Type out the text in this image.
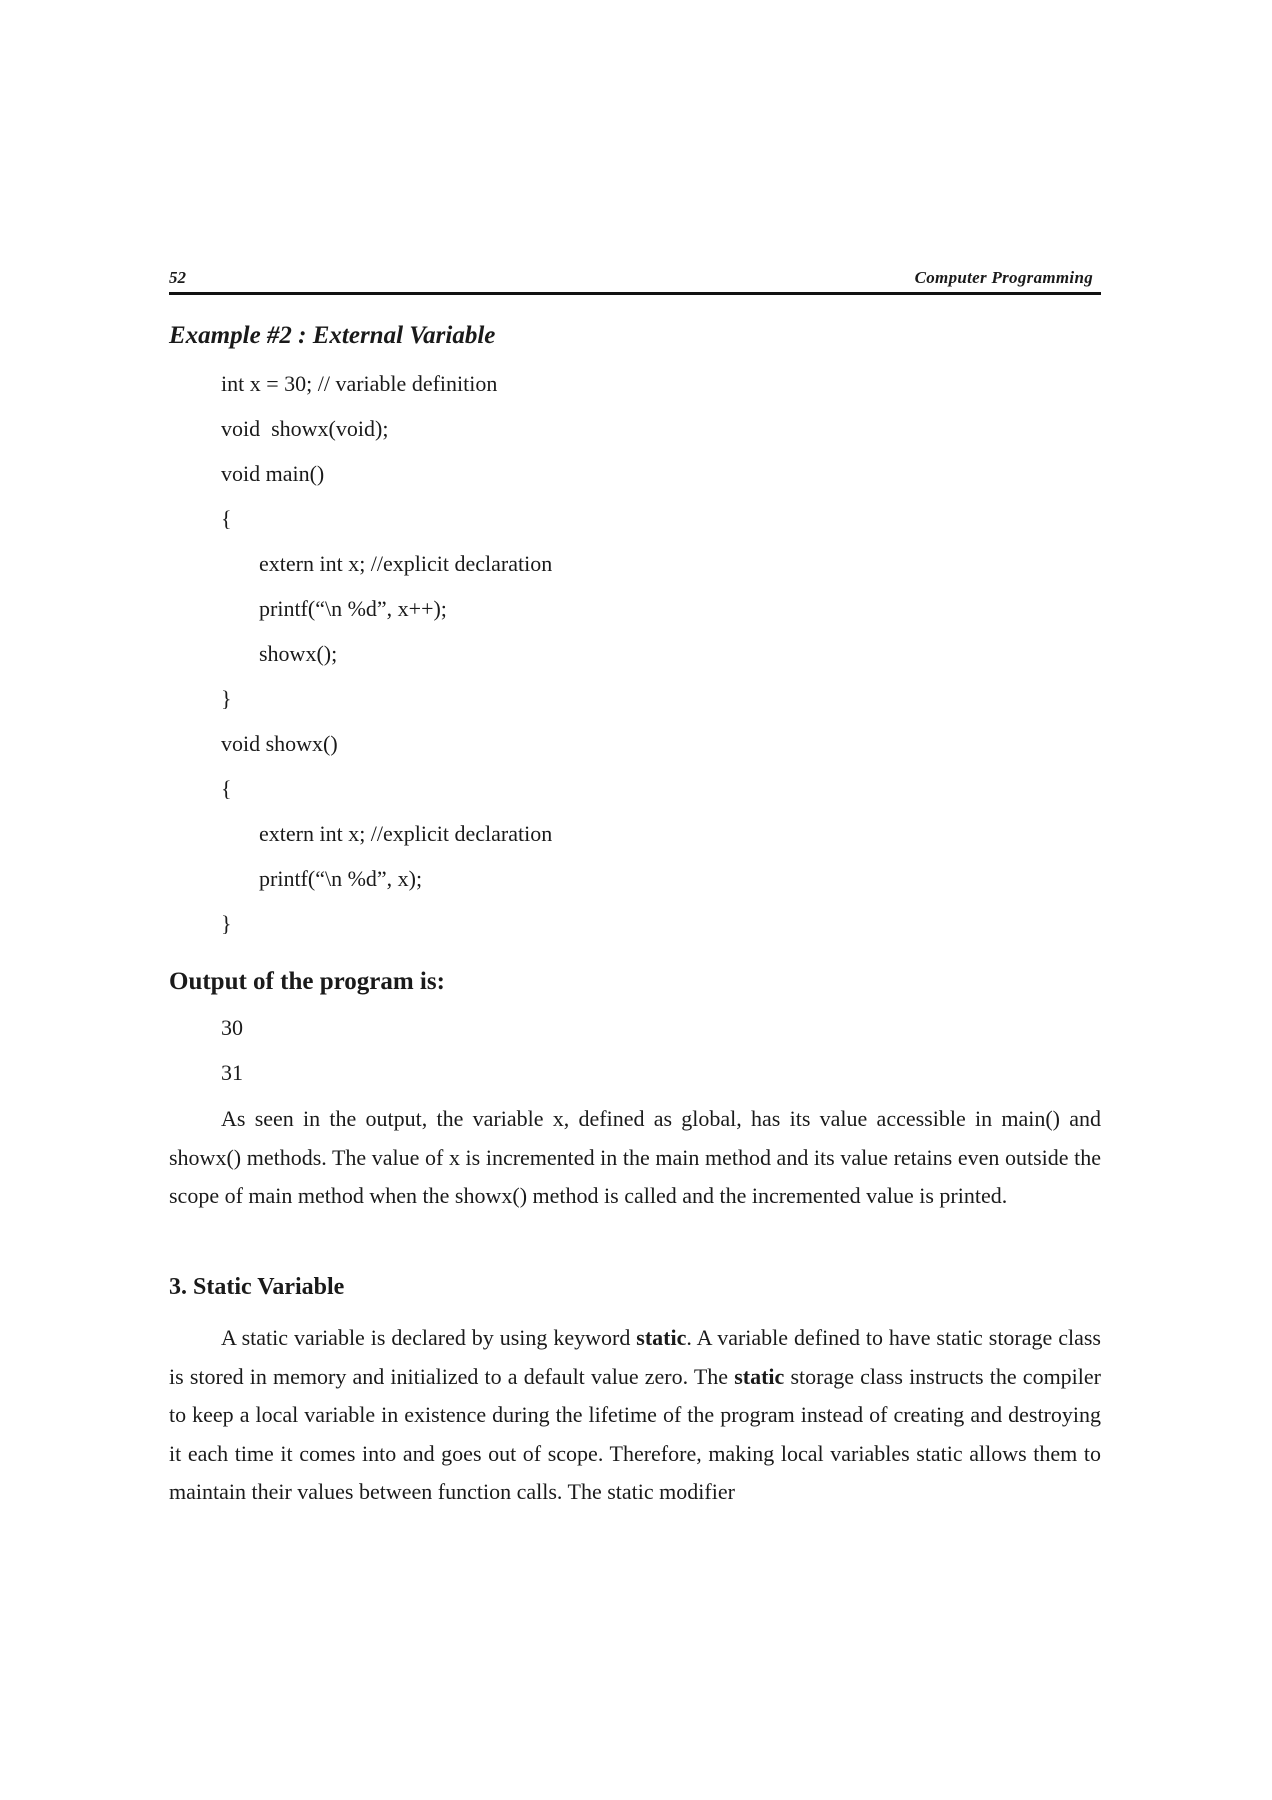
52	Computer Programming
Example #2 : External Variable
int x = 30; // variable definition
void  showx(void);
void main()
{
extern int x; //explicit declaration
printf(“\n %d”, x++);
showx();
}
void showx()
{
extern int x; //explicit declaration
printf(“\n %d”, x);
}
Output of the program is:
30
31

As seen in the output, the variable x, defined as global, has its value accessible in main() and showx() methods. The value of x is incremented in the main method and its value retains even outside the scope of main method when the showx() method is called and the incremented value is printed.

3. Static Variable

A static variable is declared by using keyword static. A variable defined to have static storage class is stored in memory and initialized to a default value zero. The static storage class instructs the compiler to keep a local variable in existence during the lifetime of the program instead of creating and destroying it each time it comes into and goes out of scope. Therefore, making local variables static allows them to maintain their values between function calls. The static modifier
